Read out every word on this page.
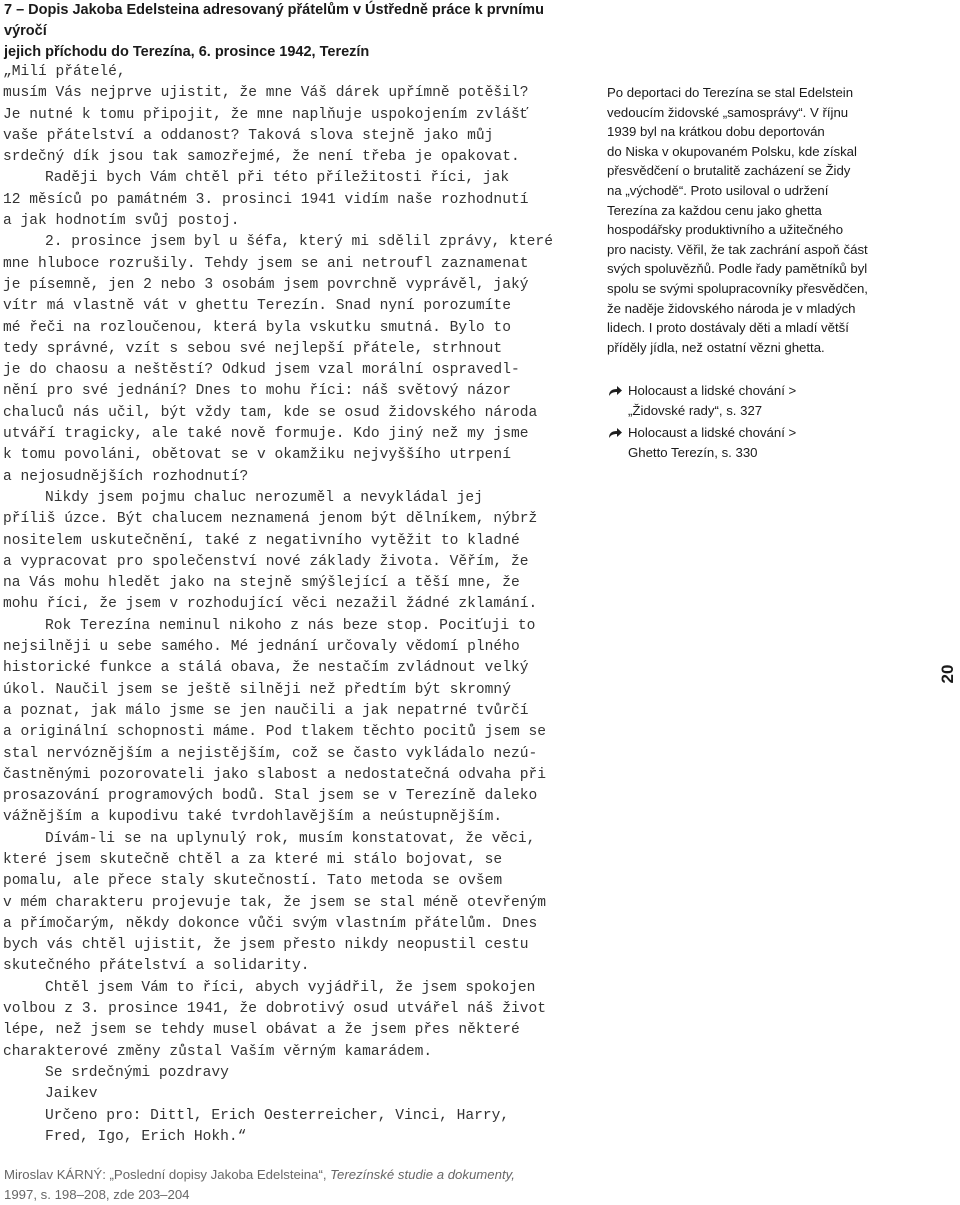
7 – Dopis Jakoba Edelsteina adresovaný přátelům v Ústředně práce k prvnímu výročí
jejich příchodu do Terezína, 6. prosince 1942, Terezín

„Milí přátelé,
musím Vás nejprve ujistit, že mne Váš dárek upřímně potěšil?
Je nutné k tomu připojit, že mne naplňuje uspokojením zvlášť
vaše přátelství a oddanost? Taková slova stejně jako můj
srdečný dík jsou tak samozřejmé, že není třeba je opakovat.

Raději bych Vám chtěl při této příležitosti říci, jak
12 měsíců po památném 3. prosinci 1941 vidím naše rozhodnutí
a jak hodnotím svůj postoj.

2. prosince jsem byl u šéfa, který mi sdělil zprávy, které
mne hluboce rozrušily. Tehdy jsem se ani netroufl zaznamenat
je písemně, jen 2 nebo 3 osobám jsem povrchně vyprávěl, jaký
vítr má vlastně vát v ghettu Terezín. Snad nyní porozumíte
mé řeči na rozloučenou, která byla vskutku smutná. Bylo to
tedy správné, vzít s sebou své nejlepší přátele, strhnout
je do chaosu a neštěstí? Odkud jsem vzal morální ospravedl-
nění pro své jednání? Dnes to mohu říci: náš světový názor
chaluců nás učil, být vždy tam, kde se osud židovského národa
utváří tragicky, ale také nově formuje. Kdo jiný než my jsme
k tomu povoláni, obětovat se v okamžiku nejvyššího utrpení
a nejosudnějších rozhodnutí?

Nikdy jsem pojmu chaluc nerozuměl a nevykládal jej
příliš úzce. Být chalucem neznamená jenom být dělníkem, nýbrž
nositelem uskutečnění, také z negativního vytěžit to kladné
a vypracovat pro společenství nové základy života. Věřím, že
na Vás mohu hledět jako na stejně smýšlející a těší mne, že
mohu říci, že jsem v rozhodující věci nezažil žádné zklamání.

Rok Terezína neminul nikoho z nás beze stop. Pociťuji to
nejsilněji u sebe samého. Mé jednání určovaly vědomí plného
historické funkce a stálá obava, že nestačím zvládnout velký
úkol. Naučil jsem se ještě silněji než předtím být skromný
a poznat, jak málo jsme se jen naučili a jak nepatrné tvůrčí
a originální schopnosti máme. Pod tlakem těchto pocitů jsem se
stal nervóznějším a nejistějším, což se často vykládalo nezú-
častněnými pozorovateli jako slabost a nedostatečná odvaha při
prosazování programových bodů. Stal jsem se v Terezíně daleko
vážnějším a kupodivu také tvrdohlavějším a neústupnějším.

Dívám-li se na uplynulý rok, musím konstatovat, že věci,
které jsem skutečně chtěl a za které mi stálo bojovat, se
pomalu, ale přece staly skutečností. Tato metoda se ovšem
v mém charakteru projevuje tak, že jsem se stal méně otevřeným
a přímočarým, někdy dokonce vůči svým vlastním přátelům. Dnes
bych vás chtěl ujistit, že jsem přesto nikdy neopustil cestu
skutečného přátelství a solidarity.

Chtěl jsem Vám to říci, abych vyjádřil, že jsem spokojen
volbou z 3. prosince 1941, že dobrotivý osud utvářel náš život
lépe, než jsem se tehdy musel obávat a že jsem přes některé
charakterové změny zůstal Vaším věrným kamarádem.

Se srdečnými pozdravy
Jaikev
Určeno pro: Dittl, Erich Oesterreicher, Vinci, Harry,
Fred, Igo, Erich Hokh.“

Po deportaci do Terezína se stal Edelstein
vedoucím židovské „samosprávy“. V říjnu
1939 byl na krátkou dobu deportován
do Niska v okupovaném Polsku, kde získal
přesvědčení o brutalitě zacházení se Židy
na „východě“. Proto usiloval o udržení
Terezína za každou cenu jako ghetta
hospodářsky produktivního a užitečného
pro nacisty. Věřil, že tak zachrání aspoň část
svých spoluvězňů. Podle řady pamětníků byl
spolu se svými spolupracovníky přesvědčen,
že naděje židovského národa je v mladých
lidech. I proto dostávaly děti a mladí větší
příděly jídla, než ostatní vězni ghetta.
Holocaust a lidské chování >
„Židovské rady“, s. 327
Holocaust a lidské chování >
Ghetto Terezín, s. 330
20
Miroslav KÁRNÝ: „Poslední dopisy Jakoba Edelsteina“, Terezínské studie a dokumenty,
1997, s. 198–208, zde 203–204
